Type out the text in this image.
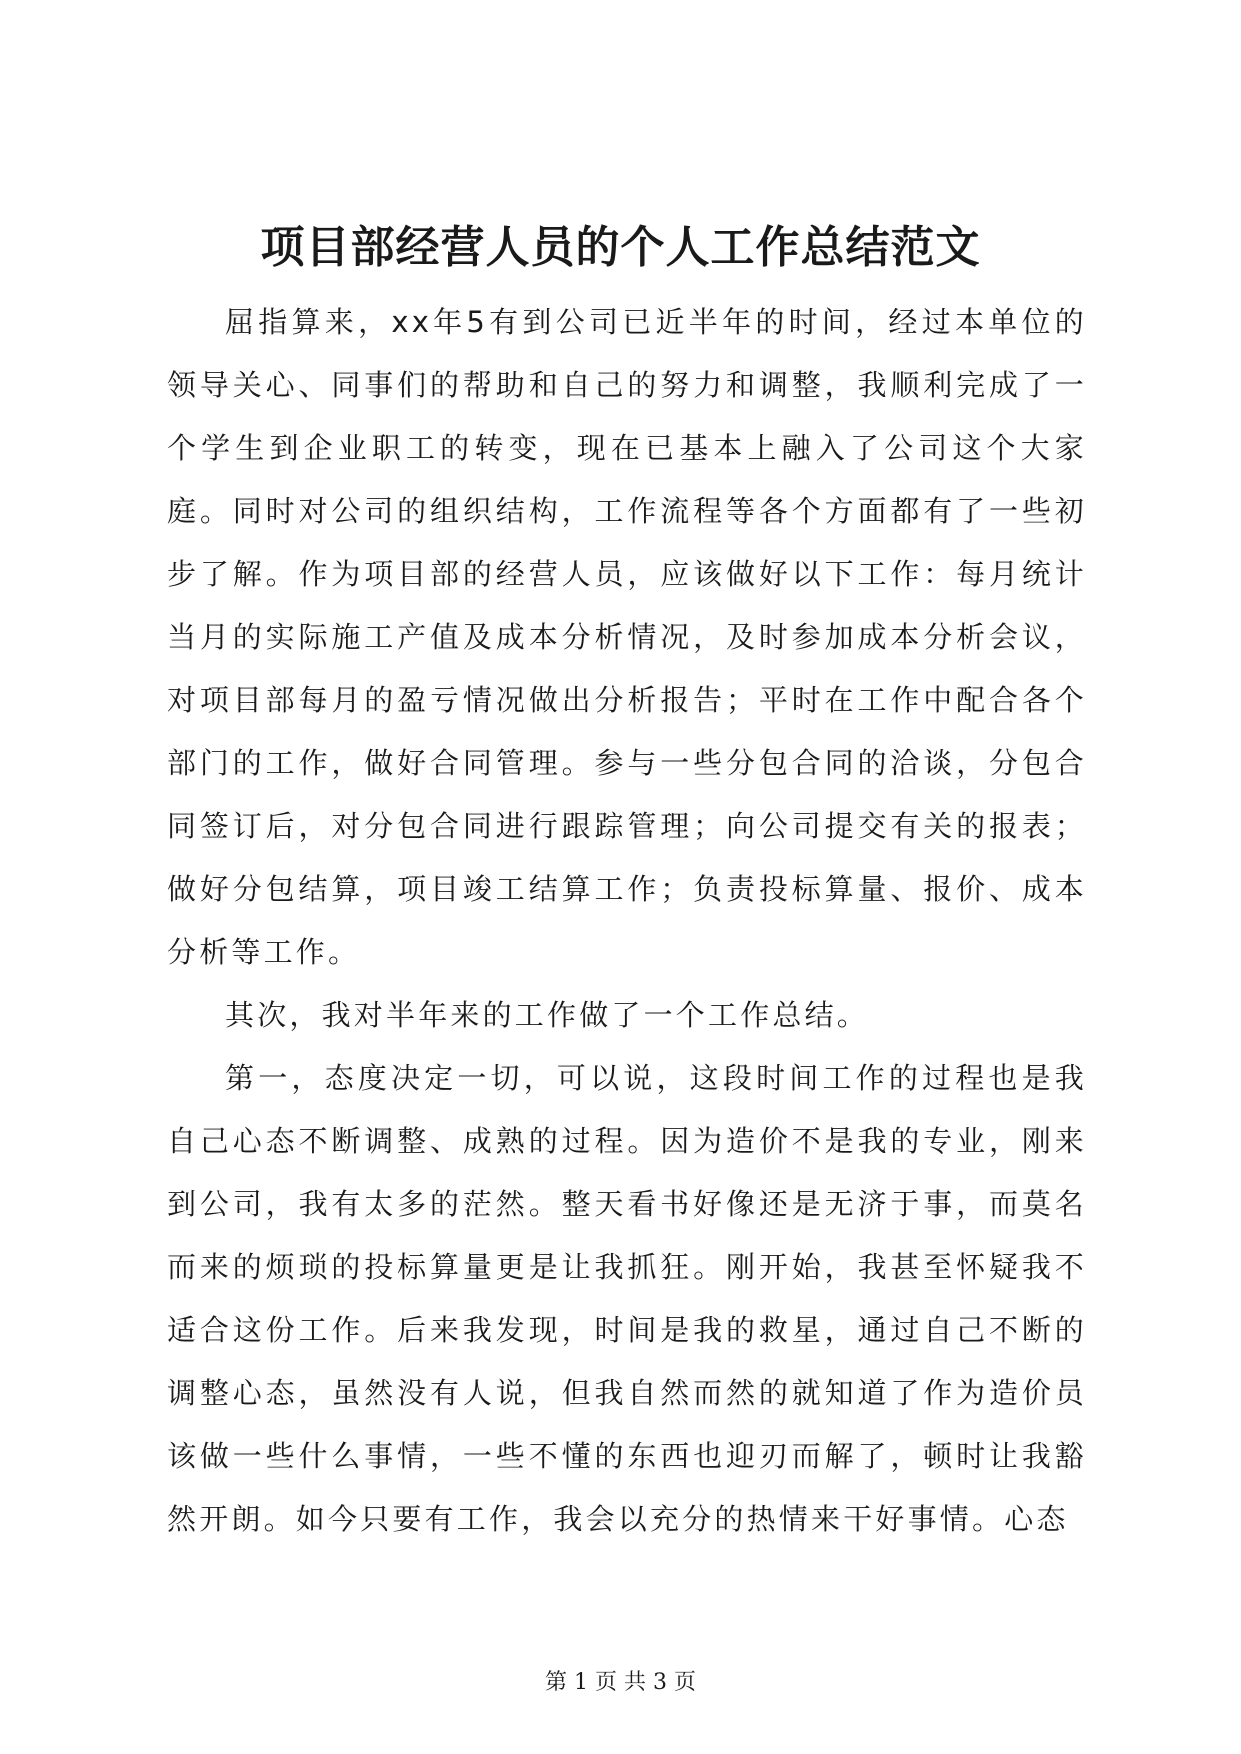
项目部经营人员的个人工作总结范文

屈指算来，xx年5有到公司已近半年的时间，经过本单位的领导关心、同事们的帮助和自己的努力和调整，我顺利完成了一个学生到企业职工的转变，现在已基本上融入了公司这个大家庭。同时对公司的组织结构，工作流程等各个方面都有了一些初步了解。作为项目部的经营人员，应该做好以下工作：每月统计当月的实际施工产值及成本分析情况，及时参加成本分析会议，对项目部每月的盈亏情况做出分析报告；平时在工作中配合各个部门的工作，做好合同管理。参与一些分包合同的洽谈，分包合同签订后，对分包合同进行跟踪管理；向公司提交有关的报表；做好分包结算，项目竣工结算工作；负责投标算量、报价、成本分析等工作。

其次，我对半年来的工作做了一个工作总结。

第一，态度决定一切，可以说，这段时间工作的过程也是我自己心态不断调整、成熟的过程。因为造价不是我的专业，刚来到公司，我有太多的茫然。整天看书好像还是无济于事，而莫名而来的烦琐的投标算量更是让我抓狂。刚开始，我甚至怀疑我不适合这份工作。后来我发现，时间是我的救星，通过自己不断的调整心态，虽然没有人说，但我自然而然的就知道了作为造价员该做一些什么事情，一些不懂的东西也迎刃而解了，顿时让我豁然开朗。如今只要有工作，我会以充分的热情来干好事情。心态

第 1 页 共 3 页
